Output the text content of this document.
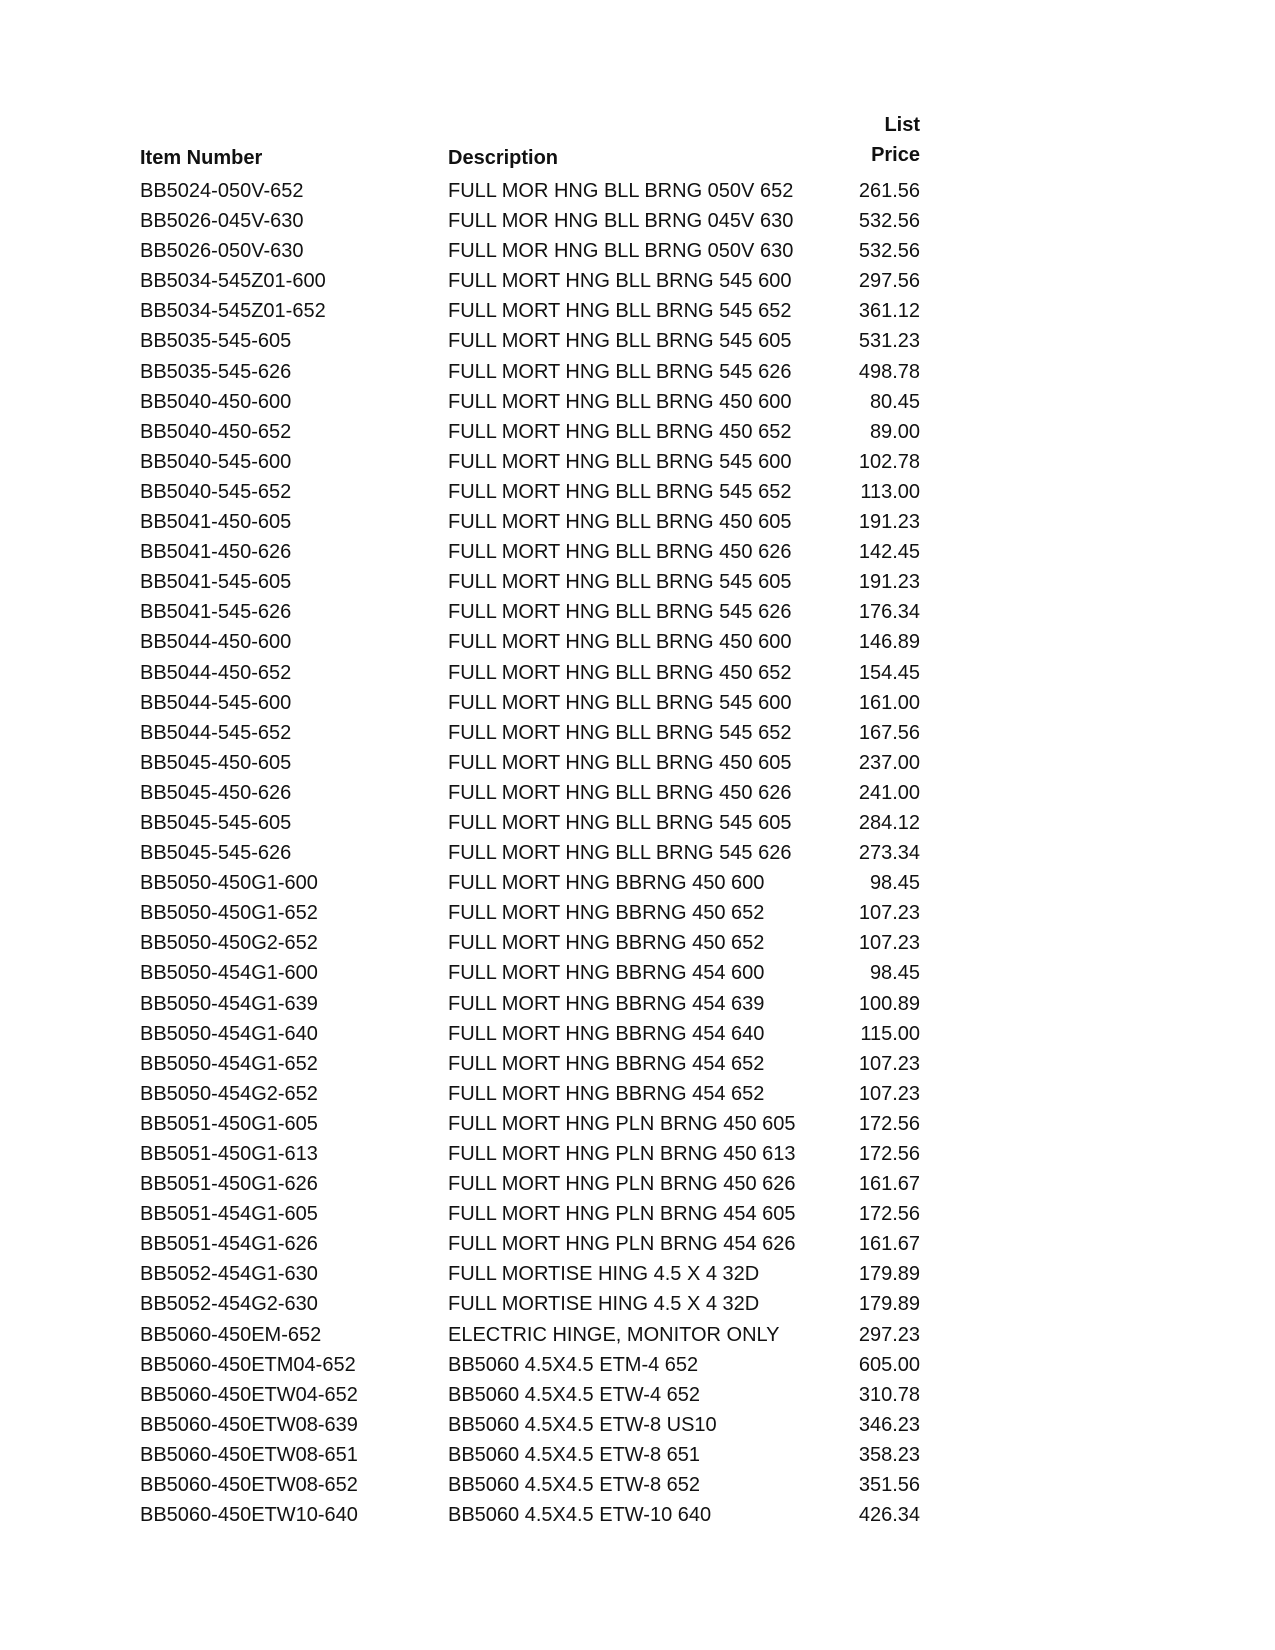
Item Number	Description
List
Price
BB5024-050V-652	FULL MOR HNG BLL BRNG 050V 652	261.56
BB5026-045V-630	FULL MOR HNG BLL BRNG 045V 630	532.56
BB5026-050V-630	FULL MOR HNG BLL BRNG 050V 630	532.56
BB5034-545Z01-600	FULL MORT HNG BLL BRNG 545 600	297.56
BB5034-545Z01-652	FULL MORT HNG BLL BRNG 545 652	361.12
BB5035-545-605	FULL MORT HNG BLL BRNG 545 605	531.23
BB5035-545-626	FULL MORT HNG BLL BRNG 545 626	498.78
BB5040-450-600	FULL MORT HNG BLL BRNG 450 600	80.45
BB5040-450-652	FULL MORT HNG BLL BRNG 450 652	89.00
BB5040-545-600	FULL MORT HNG BLL BRNG 545 600	102.78
BB5040-545-652	FULL MORT HNG BLL BRNG 545 652	113.00
BB5041-450-605	FULL MORT HNG BLL BRNG 450 605	191.23
BB5041-450-626	FULL MORT HNG BLL BRNG 450 626	142.45
BB5041-545-605	FULL MORT HNG BLL BRNG 545 605	191.23
BB5041-545-626	FULL MORT HNG BLL BRNG 545 626	176.34
BB5044-450-600	FULL MORT HNG BLL BRNG 450 600	146.89
BB5044-450-652	FULL MORT HNG BLL BRNG 450 652	154.45
BB5044-545-600	FULL MORT HNG BLL BRNG 545 600	161.00
BB5044-545-652	FULL MORT HNG BLL BRNG 545 652	167.56
BB5045-450-605	FULL MORT HNG BLL BRNG 450 605	237.00
BB5045-450-626	FULL MORT HNG BLL BRNG 450 626	241.00
BB5045-545-605	FULL MORT HNG BLL BRNG 545 605	284.12
BB5045-545-626	FULL MORT HNG BLL BRNG 545 626	273.34
BB5050-450G1-600	FULL MORT HNG BBRNG 450 600	98.45
BB5050-450G1-652	FULL MORT HNG BBRNG 450 652	107.23
BB5050-450G2-652	FULL MORT HNG BBRNG 450 652	107.23
BB5050-454G1-600	FULL MORT HNG BBRNG 454 600	98.45
BB5050-454G1-639	FULL MORT HNG BBRNG 454 639	100.89
BB5050-454G1-640	FULL MORT HNG BBRNG 454 640	115.00
BB5050-454G1-652	FULL MORT HNG BBRNG 454 652	107.23
BB5050-454G2-652	FULL MORT HNG BBRNG 454 652	107.23
BB5051-450G1-605	FULL MORT HNG PLN BRNG 450 605	172.56
BB5051-450G1-613	FULL MORT HNG PLN BRNG 450 613	172.56
BB5051-450G1-626	FULL MORT HNG PLN BRNG 450 626	161.67
BB5051-454G1-605	FULL MORT HNG PLN BRNG 454 605	172.56
BB5051-454G1-626	FULL MORT HNG PLN BRNG 454 626	161.67
BB5052-454G1-630	FULL MORTISE HING 4.5 X 4 32D	179.89
BB5052-454G2-630	FULL MORTISE HING 4.5 X 4 32D	179.89
BB5060-450EM-652	ELECTRIC HINGE, MONITOR ONLY	297.23
BB5060-450ETM04-652	BB5060 4.5X4.5 ETM-4 652	605.00
BB5060-450ETW04-652	BB5060 4.5X4.5 ETW-4 652	310.78
BB5060-450ETW08-639	BB5060 4.5X4.5 ETW-8 US10	346.23
BB5060-450ETW08-651	BB5060 4.5X4.5 ETW-8 651	358.23
BB5060-450ETW08-652	BB5060 4.5X4.5 ETW-8 652	351.56
BB5060-450ETW10-640	BB5060 4.5X4.5 ETW-10 640	426.34
